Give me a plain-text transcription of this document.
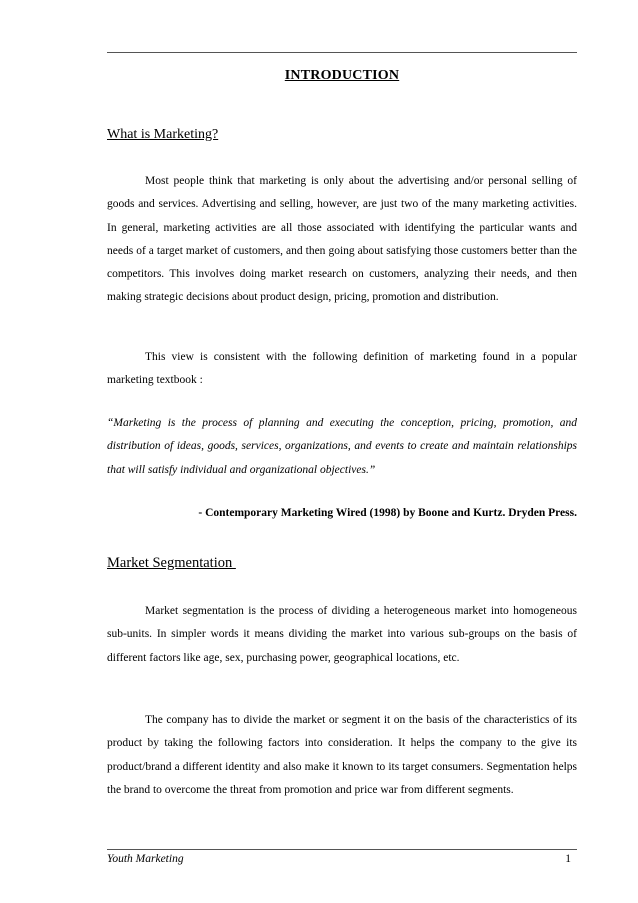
INTRODUCTION
What is Marketing?

Most people think that marketing is only about the advertising and/or personal selling of goods and services. Advertising and selling, however, are just two of the many marketing activities. In general, marketing activities are all those associated with identifying the particular wants and needs of a target market of customers, and then going about satisfying those customers better than the competitors. This involves doing market research on customers, analyzing their needs, and then making strategic decisions about product design, pricing, promotion and distribution.

This view is consistent with the following definition of marketing found in a popular marketing textbook :

“Marketing is the process of planning and executing the conception, pricing, promotion, and distribution of ideas, goods, services, organizations, and events to create and maintain relationships that will satisfy individual and organizational objectives.”

- Contemporary Marketing Wired (1998) by Boone and Kurtz. Dryden Press.
Market Segmentation

Market segmentation is the process of dividing a heterogeneous market into homogeneous sub-units. In simpler words it means dividing the market into various sub-groups on the basis of different factors like age, sex, purchasing power, geographical locations, etc.

The company has to divide the market or segment it on the basis of the characteristics of its product by taking the following factors into consideration. It helps the company to the give its product/brand a different identity and also make it known to its target consumers. Segmentation helps the brand to overcome the threat from promotion and price war from different segments.

Youth Marketing	1
